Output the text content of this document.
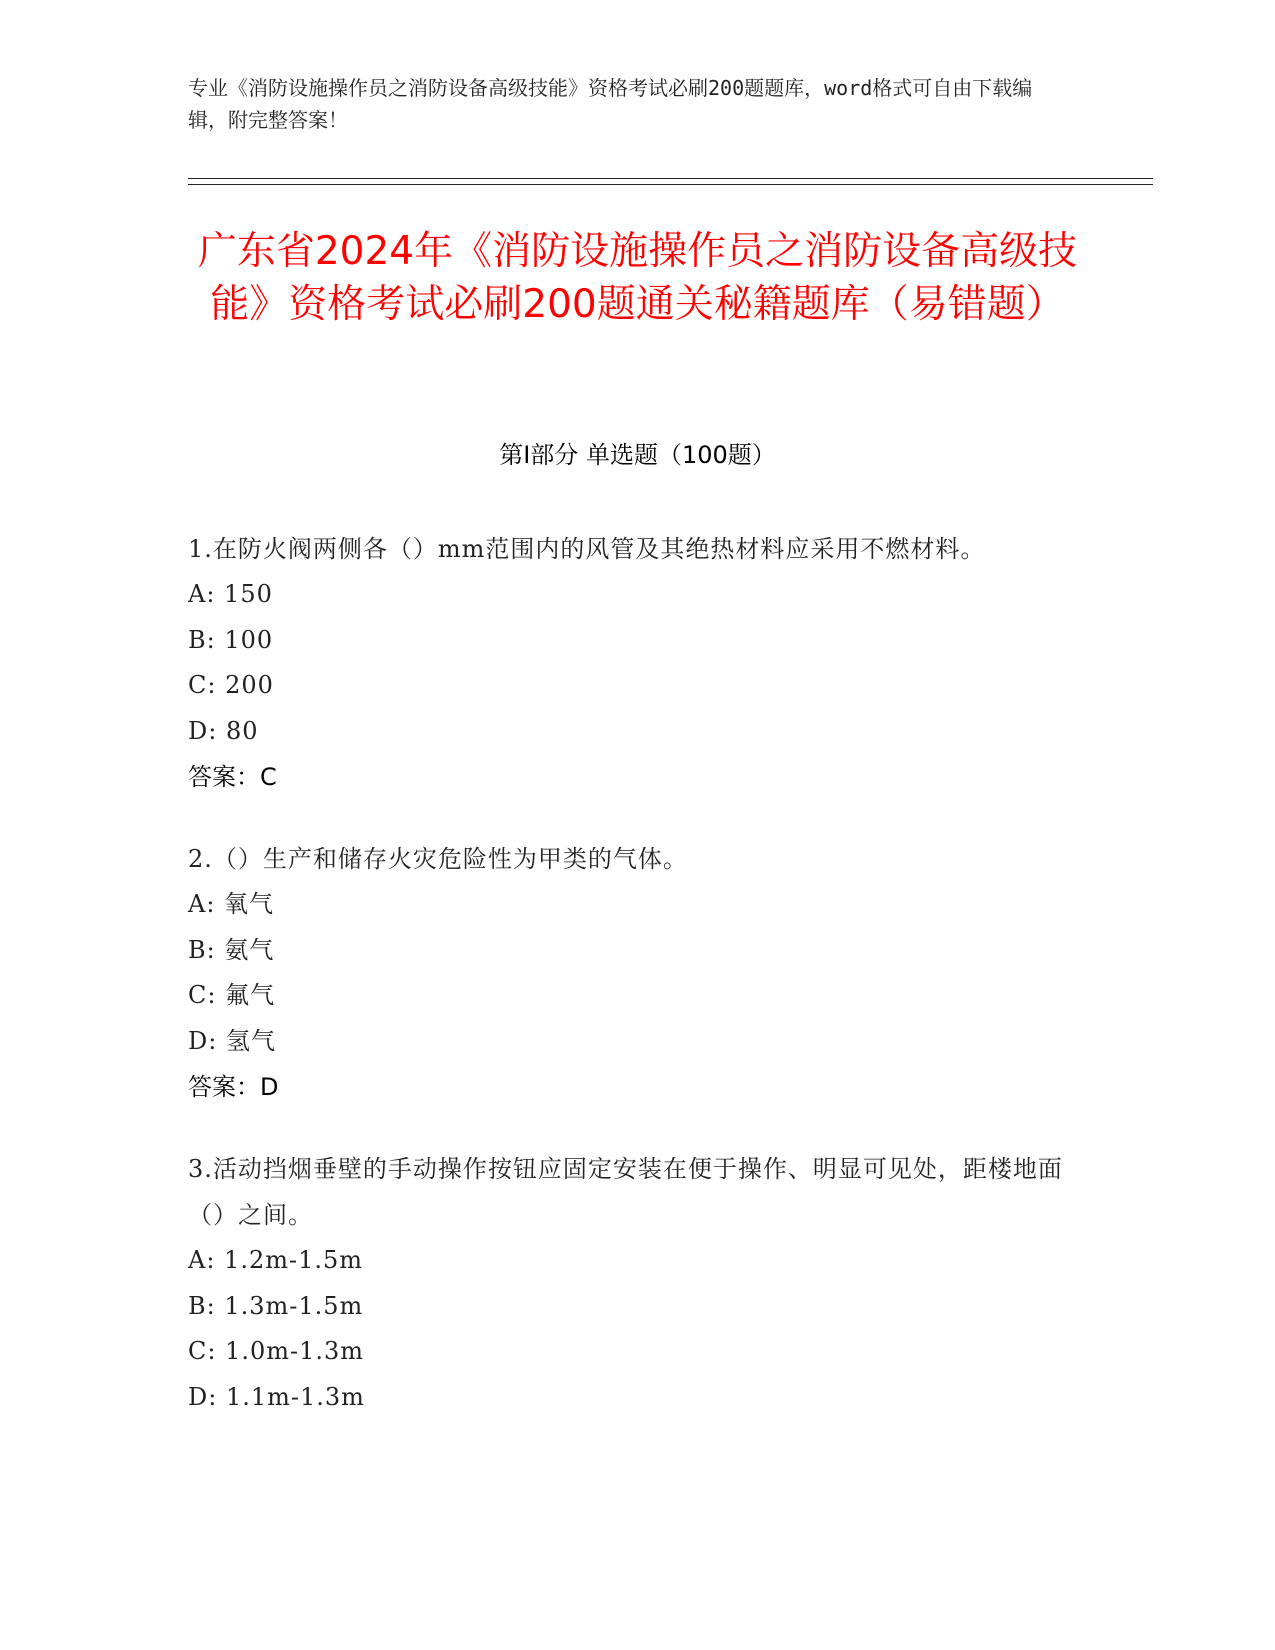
专业《消防设施操作员之消防设备高级技能》资格考试必刷200题题库，word格式可自由下载编辑，附完整答案！
广东省2024年《消防设施操作员之消防设备高级技能》资格考试必刷200题通关秘籍题库（易错题）
第I部分 单选题（100题）
1.在防火阀两侧各（）mm范围内的风管及其绝热材料应采用不燃材料。
A: 150
B: 100
C: 200
D: 80
答案：C
2.（）生产和储存火灾危险性为甲类的气体。
A: 氧气
B: 氨气
C: 氟气
D: 氢气
答案：D
3.活动挡烟垂壁的手动操作按钮应固定安装在便于操作、明显可见处，距楼地面（）之间。
A: 1.2m-1.5m
B: 1.3m-1.5m
C: 1.0m-1.3m
D: 1.1m-1.3m
